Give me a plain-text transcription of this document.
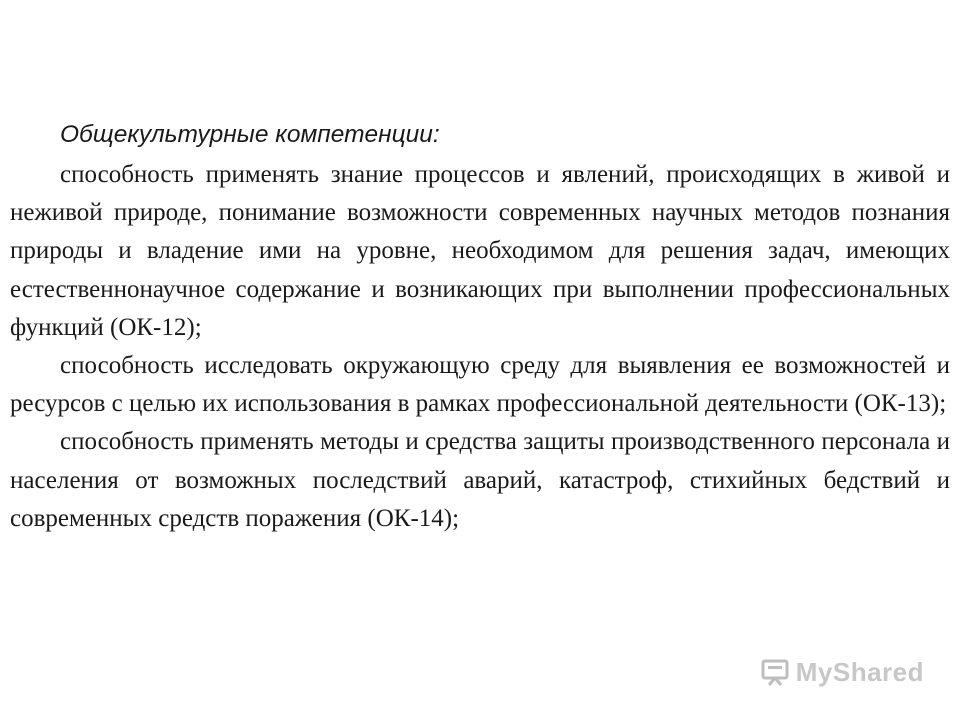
Общекультурные компетенции:

способность применять знание процессов и явлений, происходящих в живой и неживой природе, понимание возможности современных научных методов познания природы и владение ими на уровне, необходимом для решения задач, имеющих естественнонаучное содержание и возникающих при выполнении профессиональных функций (ОК-12);

способность исследовать окружающую среду для выявления ее возможностей и ресурсов с целью их использования в рамках профессиональной деятельности (ОК-13);

способность применять методы и средства защиты производственного персонала и населения от возможных последствий аварий, катастроф, стихийных бедствий и современных средств поражения (ОК-14);

MyShared
